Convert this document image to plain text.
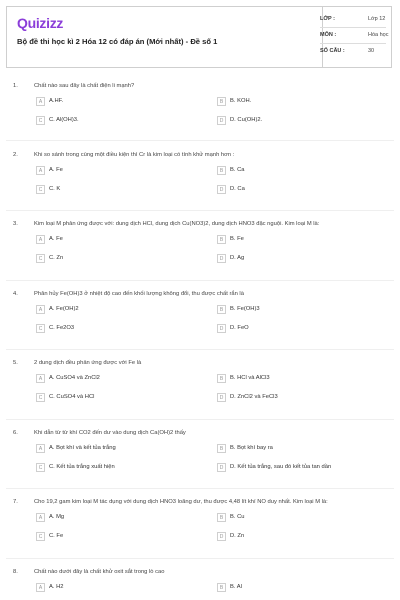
Quizizz
Bộ đề thi học kì 2 Hóa 12 có đáp án (Mới nhất) - Đề số 1
LỚP :	Lớp 12
MÔN :	Hóa học
SỐ CÂU :	30
1.	Chất nào sau đây là chất điện li mạnh?
A	A.HF.	B	B. KOH.
C	C. Al(OH)3.	D	D. Cu(OH)2.
2.	Khi so sánh trong cùng một điều kiện thì Cr là kim loại có tính khử mạnh hơn :
A	A. Fe	B	B. Ca
C	C. K	D	D. Ca
3.	Kim loại M phản ứng được với: dung dịch HCl, dung dịch Cu(NO3)2, dung dịch HNO3 đặc nguội. Kim loại M là:
A	A. Fe	B	B. Fe
C	C. Zn	D	D. Ag
4.	Phân hủy Fe(OH)3 ở nhiệt độ cao đến khối lượng không đổi, thu được chất rắn là
A	A. Fe(OH)2	B	B. Fe(OH)3
C	C. Fe2O3	D	D. FeO
5.	2 dung dịch đều phản ứng được với Fe là
A	A. CuSO4 và ZnCl2	B	B. HCl và AlCl3
C	C. CuSO4 và HCl	D	D. ZnCl2 và FeCl3
6.	Khi dẫn từ từ khí CO2 đến dư vào dung dịch Ca(OH)2 thấy
A	A. Bọt khí và kết tủa trắng	B	B. Bọt khí bay ra
C	C. Kết tủa trắng xuất hiện	D	D. Kết tủa trắng, sau đó kết tủa tan dần
7.	Cho 19,2 gam kim loại M tác dụng với dung dịch HNO3 loãng dư, thu được 4,48 lít khí NO duy nhất. Kim loại M là:
A	A. Mg	B	B. Cu
C	C. Fe	D	D. Zn
8.	Chất nào dưới đây là chất khử oxit sắt trong lò cao
A	A. H2	B	B. Al
